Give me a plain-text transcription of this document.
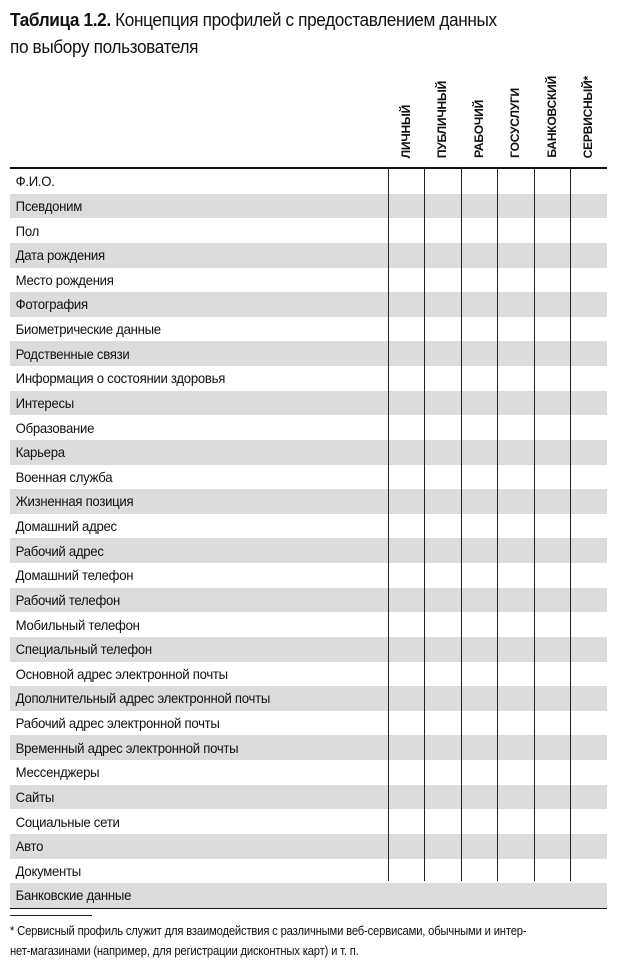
Таблица 1.2. Концепция профилей с предоставлением данных
по выбору пользователя
ЛИЧНЫЙ ПУБЛИЧНЫЙ РАБОЧИЙ ГОСУСЛУГИ БАНКОВСКИЙ СЕРВИСНЫЙ*
Ф.И.О.
Псевдоним
Пол
Дата рождения
Место рождения
Фотография
Биометрические данные
Родственные связи
Информация о состоянии здоровья
Интересы
Образование
Карьера
Военная служба
Жизненная позиция
Домашний адрес
Рабочий адрес
Домашний телефон
Рабочий телефон
Мобильный телефон
Специальный телефон
Основной адрес электронной почты
Дополнительный адрес электронной почты
Рабочий адрес электронной почты
Временный адрес электронной почты
Мессенджеры
Сайты
Социальные сети
Авто
Документы
Банковские данные
* Сервисный профиль служит для взаимодействия с различными веб-сервисами, обычными и интер-
нет-магазинами (например, для регистрации дисконтных карт) и т. п.
